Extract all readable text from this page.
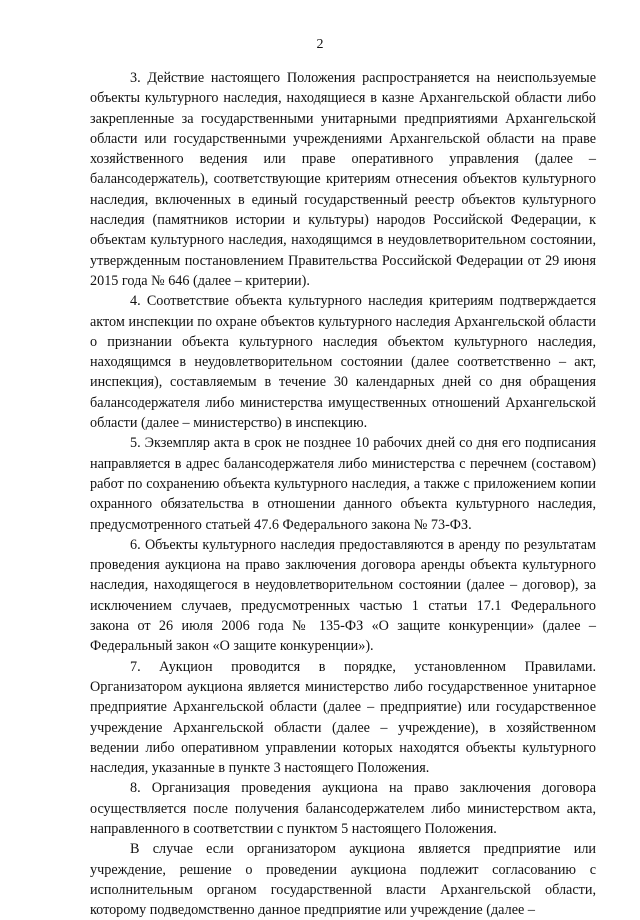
2

3. Действие настоящего Положения распространяется на неиспользуемые объекты культурного наследия, находящиеся в казне Архангельской области либо закрепленные за государственными унитарными предприятиями Архангельской области или государственными учреждениями Архангельской области на праве хозяйственного ведения или праве оперативного управления (далее – балансодержатель), соответствующие критериям отнесения объектов культурного наследия, включенных в единый государственный реестр объектов культурного наследия (памятников истории и культуры) народов Российской Федерации, к объектам культурного наследия, находящимся в неудовлетворительном состоянии, утвержденным постановлением Правительства Российской Федерации от 29 июня 2015 года № 646 (далее – критерии).

4. Соответствие объекта культурного наследия критериям подтверждается актом инспекции по охране объектов культурного наследия Архангельской области о признании объекта культурного наследия объектом культурного наследия, находящимся в неудовлетворительном состоянии (далее соответственно – акт, инспекция), составляемым в течение 30 календарных дней со дня обращения балансодержателя либо министерства имущественных отношений Архангельской области (далее – министерство) в инспекцию.

5. Экземпляр акта в срок не позднее 10 рабочих дней со дня его подписания направляется в адрес балансодержателя либо министерства с перечнем (составом) работ по сохранению объекта культурного наследия, а также с приложением копии охранного обязательства в отношении данного объекта культурного наследия, предусмотренного статьей 47.6 Федерального закона № 73-ФЗ.

6. Объекты культурного наследия предоставляются в аренду по результатам проведения аукциона на право заключения договора аренды объекта культурного наследия, находящегося в неудовлетворительном состоянии (далее – договор), за исключением случаев, предусмотренных частью 1 статьи 17.1 Федерального закона от 26 июля 2006 года № 135-ФЗ «О защите конкуренции» (далее – Федеральный закон «О защите конкуренции»).

7. Аукцион проводится в порядке, установленном Правилами. Организатором аукциона является министерство либо государственное унитарное предприятие Архангельской области (далее – предприятие) или государственное учреждение Архангельской области (далее – учреждение), в хозяйственном ведении либо оперативном управлении которых находятся объекты культурного наследия, указанные в пункте 3 настоящего Положения.

8. Организация проведения аукциона на право заключения договора осуществляется после получения балансодержателем либо министерством акта, направленного в соответствии с пунктом 5 настоящего Положения.

В случае если организатором аукциона является предприятие или учреждение, решение о проведении аукциона подлежит согласованию с исполнительным органом государственной власти Архангельской области, которому подведомственно данное предприятие или учреждение (далее –
